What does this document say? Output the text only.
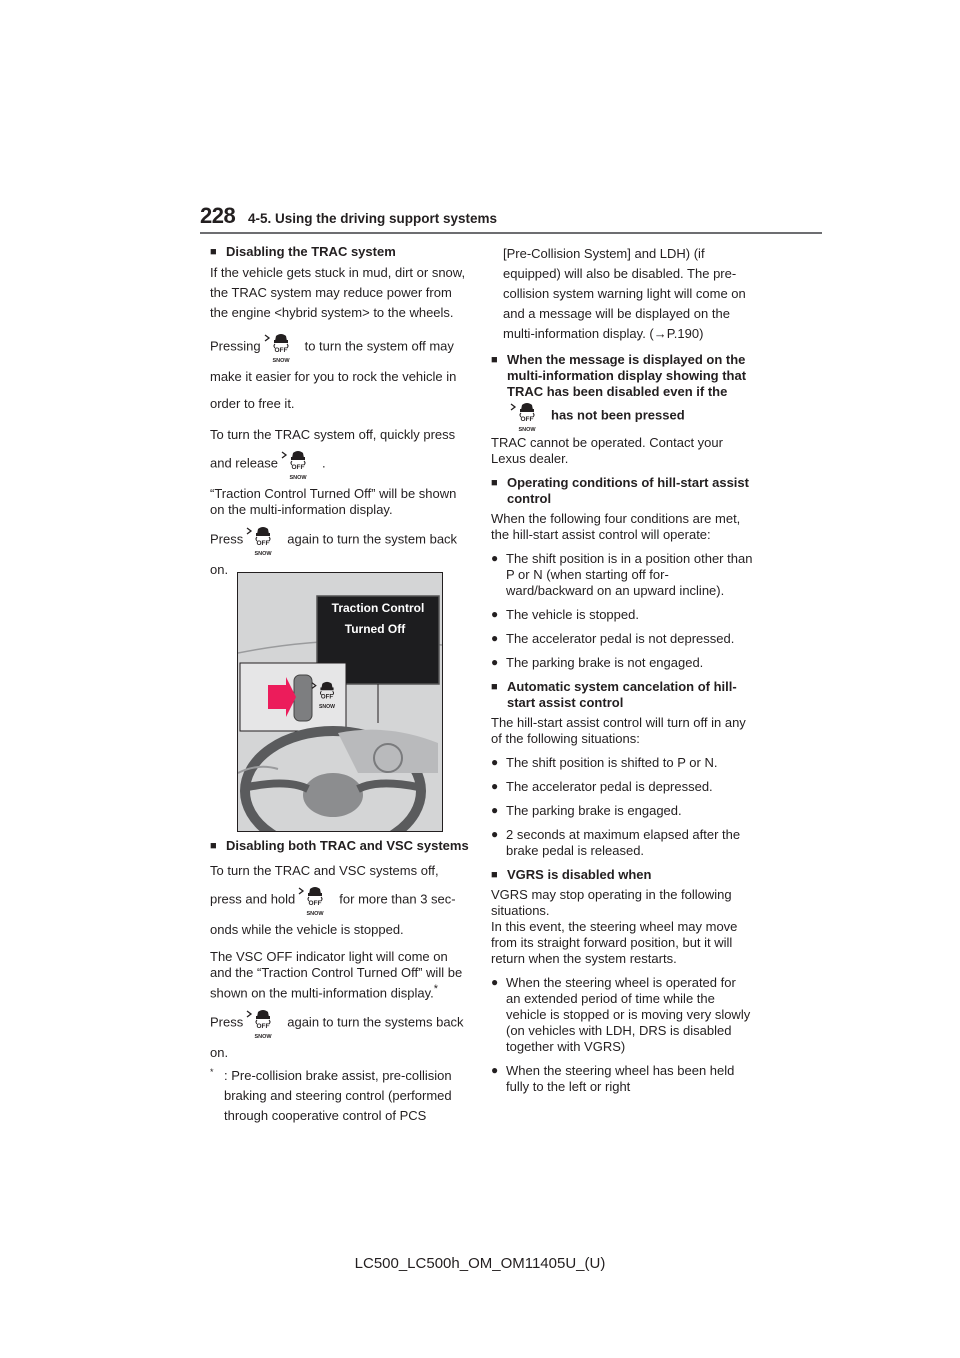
228 4-5. Using the driving support systems

■ Disabling the TRAC system

If the vehicle gets stuck in mud, dirt or snow, the TRAC system may reduce power from the engine <hybrid system> to the wheels.

Pressing	to turn the system off may make it easier for you to rock the vehicle in order to free it.

To turn the TRAC system off, quickly press and release	.

“Traction Control Turned Off” will be shown on the multi-information display.

Press	again to turn the system back on.

Traction Control
Turned Off

■ Disabling both TRAC and VSC systems

To turn the TRAC and VSC systems off, press and hold	for more than 3 sec-onds while the vehicle is stopped.

The VSC OFF indicator light will come on and the “Traction Control Turned Off” will be shown on the multi-information display.*

Press	again to turn the systems back on.

* : Pre-collision brake assist, pre-collision braking and steering control (performed through cooperative control of PCS

[Pre-Collision System] and LDH) (if equipped) will also be disabled. The pre-collision system warning light will come on and a message will be displayed on the multi-information display. (→P.190)

■ When the message is displayed on the multi-information display showing that TRAC has been disabled even if the
has not been pressed

TRAC cannot be operated. Contact your Lexus dealer.

■ Operating conditions of hill-start assist control

When the following four conditions are met, the hill-start assist control will operate:

● The shift position is in a position other than P or N (when starting off for-ward/backward on an upward incline).

● The vehicle is stopped.

● The accelerator pedal is not depressed.

● The parking brake is not engaged.

■ Automatic system cancelation of hill-start assist control

The hill-start assist control will turn off in any of the following situations:

● The shift position is shifted to P or N.

● The accelerator pedal is depressed.

● The parking brake is engaged.

● 2 seconds at maximum elapsed after the brake pedal is released.

■ VGRS is disabled when

VGRS may stop operating in the following situations.

In this event, the steering wheel may move from its straight forward position, but it will return when the system restarts.

● When the steering wheel is operated for an extended period of time while the vehicle is stopped or is moving very slowly
(on vehicles with LDH, DRS is disabled together with VGRS)

● When the steering wheel has been held fully to the left or right

LC500_LC500h_OM_OM11405U_(U)
